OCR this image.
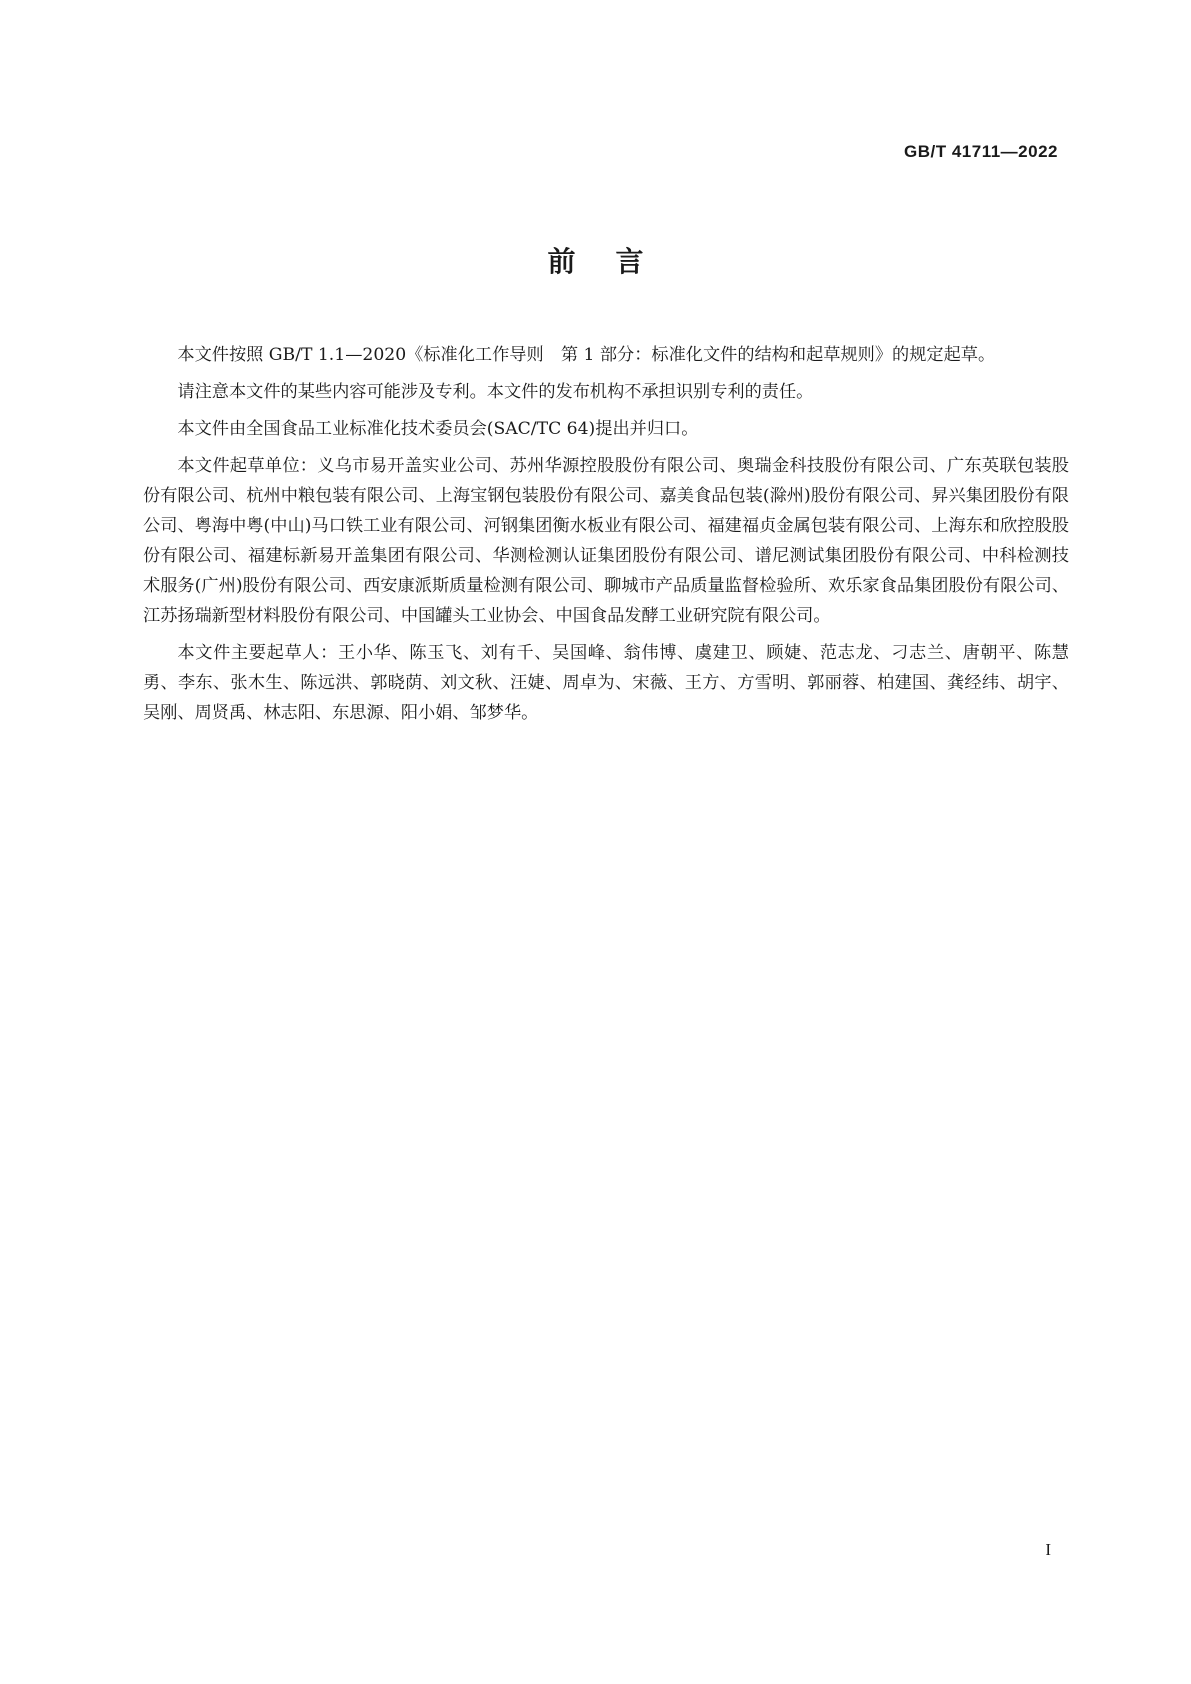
GB/T 41711—2022
前言

本文件按照 GB/T 1.1—2020《标准化工作导则　第 1 部分：标准化文件的结构和起草规则》的规定起草。

请注意本文件的某些内容可能涉及专利。本文件的发布机构不承担识别专利的责任。

本文件由全国食品工业标准化技术委员会(SAC/TC 64)提出并归口。

本文件起草单位：义乌市易开盖实业公司、苏州华源控股股份有限公司、奥瑞金科技股份有限公司、广东英联包装股份有限公司、杭州中粮包装有限公司、上海宝钢包装股份有限公司、嘉美食品包装(滁州)股份有限公司、昇兴集团股份有限公司、粤海中粤(中山)马口铁工业有限公司、河钢集团衡水板业有限公司、福建福贞金属包装有限公司、上海东和欣控股股份有限公司、福建标新易开盖集团有限公司、华测检测认证集团股份有限公司、谱尼测试集团股份有限公司、中科检测技术服务(广州)股份有限公司、西安康派斯质量检测有限公司、聊城市产品质量监督检验所、欢乐家食品集团股份有限公司、江苏扬瑞新型材料股份有限公司、中国罐头工业协会、中国食品发酵工业研究院有限公司。

本文件主要起草人：王小华、陈玉飞、刘有千、吴国峰、翁伟博、虞建卫、顾婕、范志龙、刁志兰、唐朝平、陈慧勇、李东、张木生、陈远洪、郭晓荫、刘文秋、汪婕、周卓为、宋薇、王方、方雪明、郭丽蓉、柏建国、龚经纬、胡宇、吴刚、周贤禹、林志阳、东思源、阳小娟、邹梦华。

I
